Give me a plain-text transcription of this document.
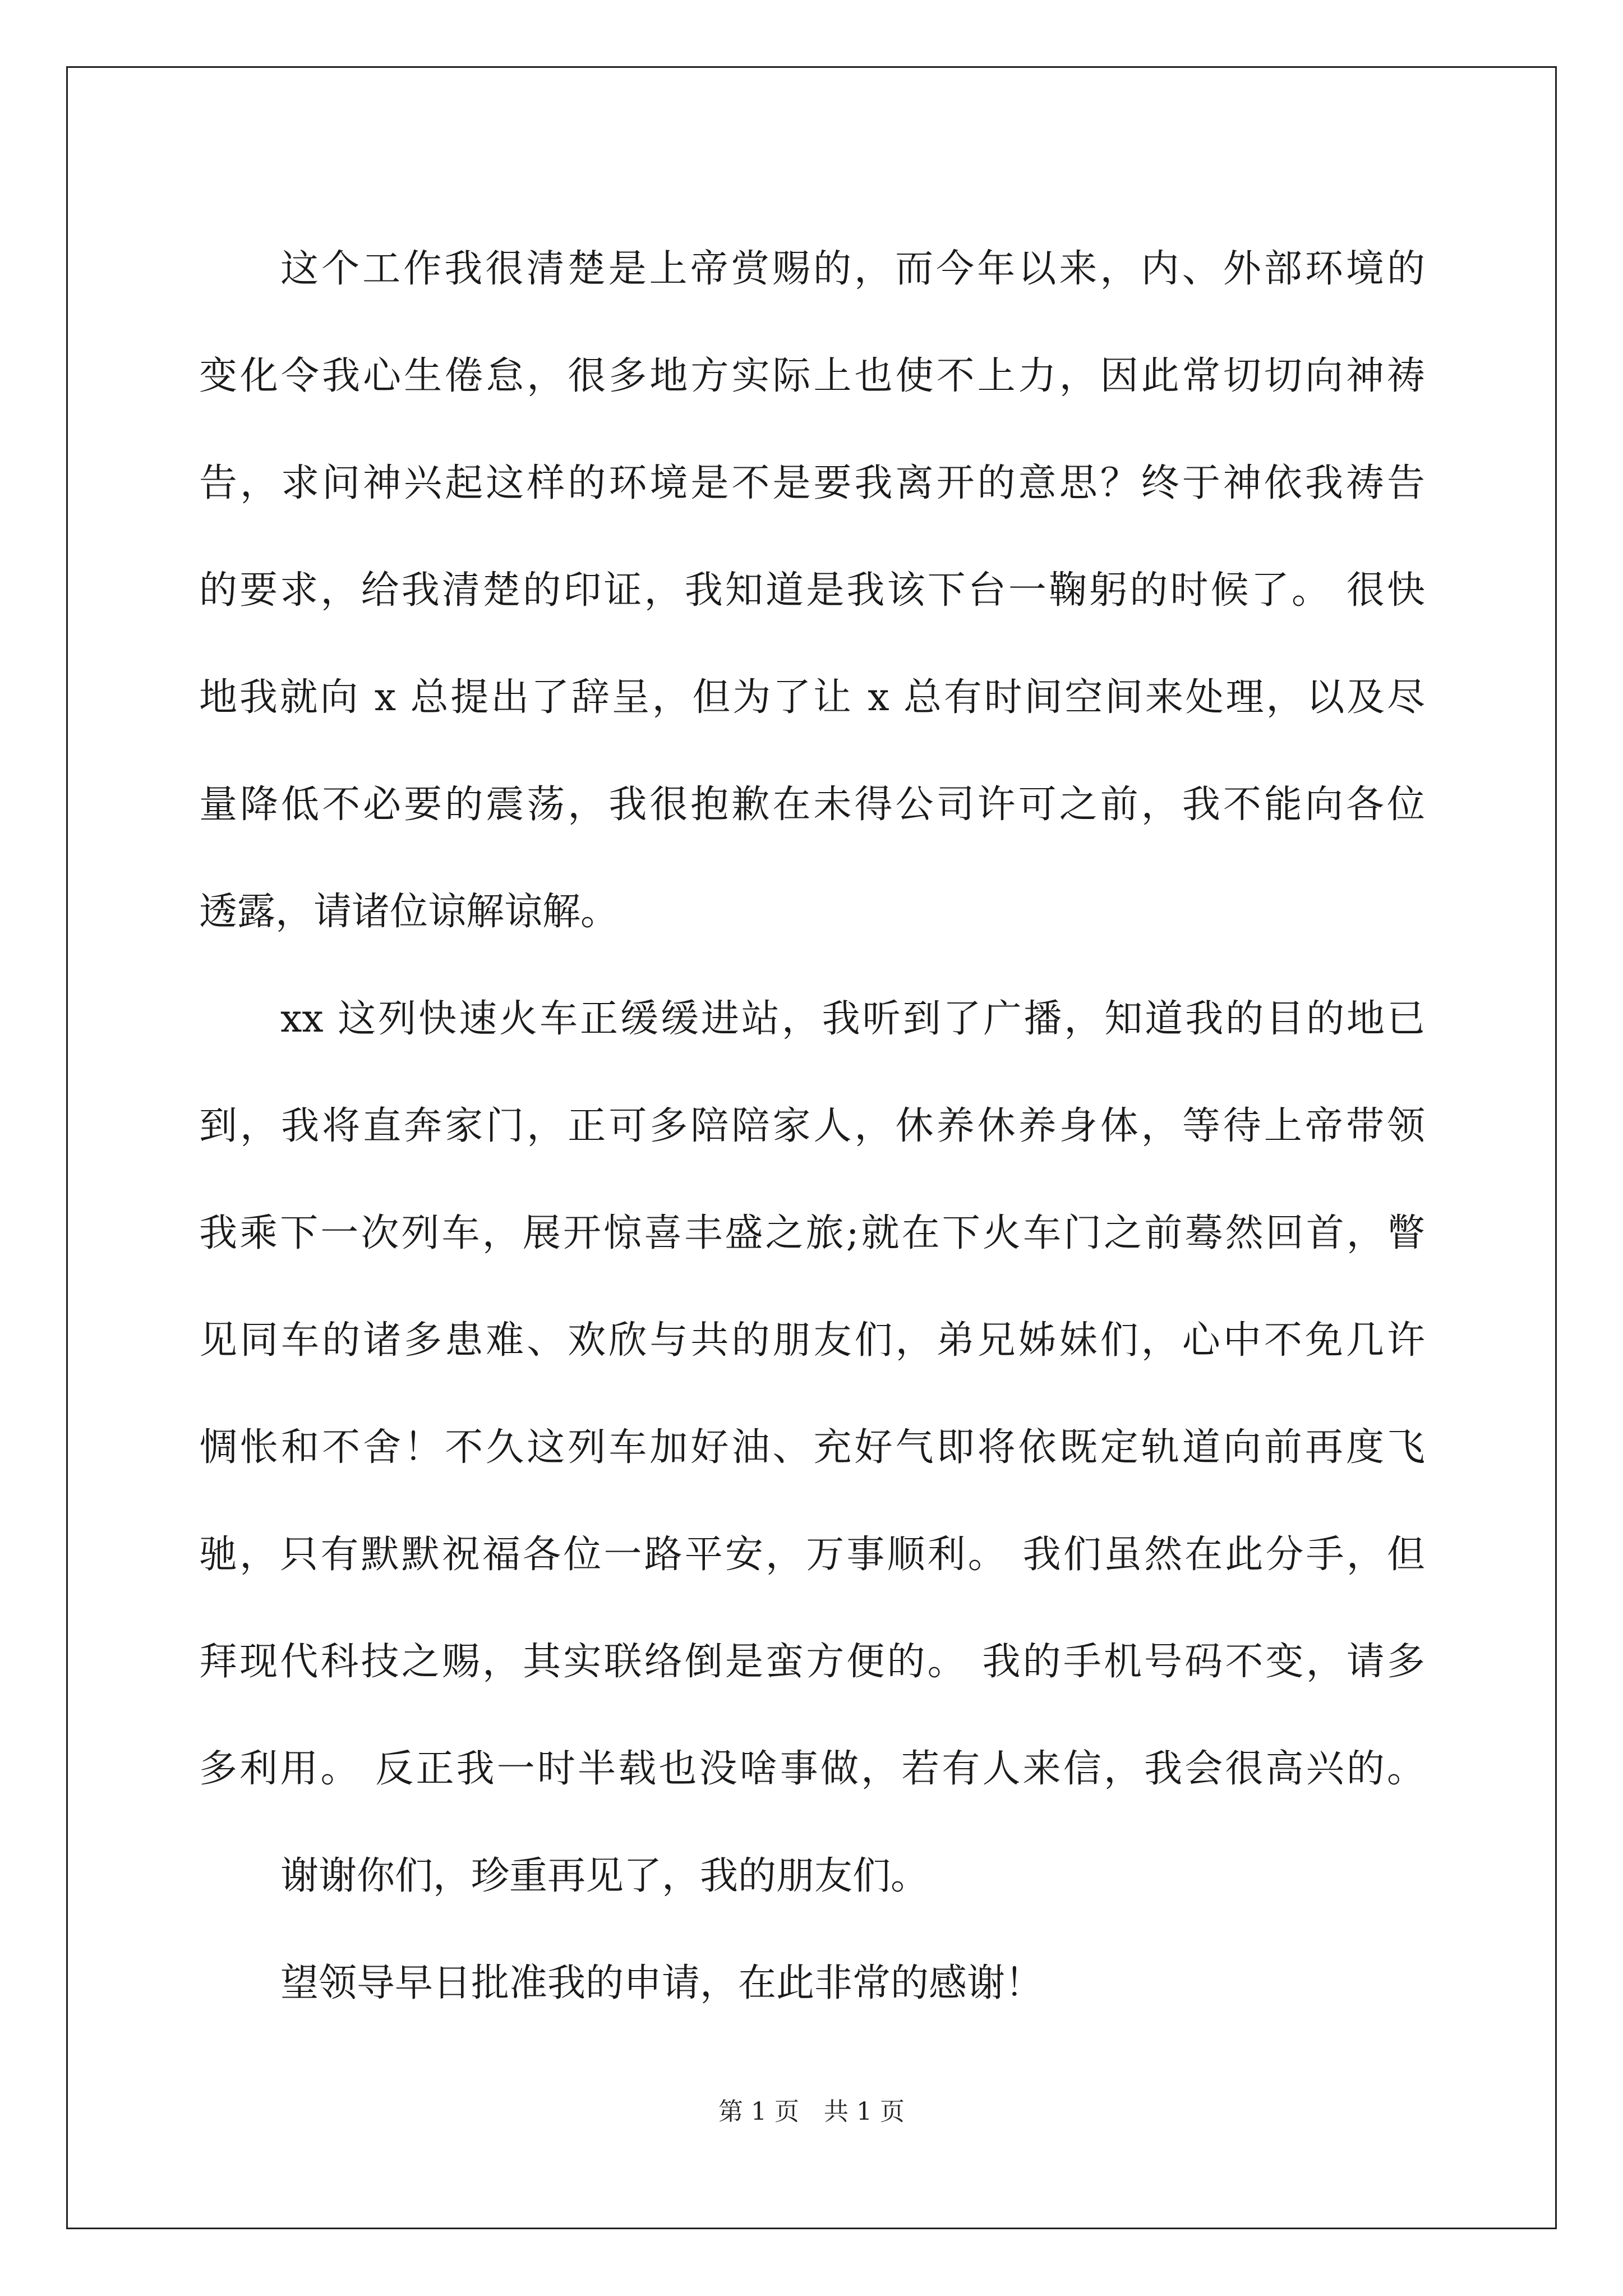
这个工作我很清楚是上帝赏赐的，而今年以来，内、外部环境的
变化令我心生倦怠，很多地方实际上也使不上力，因此常切切向神祷
告，求问神兴起这样的环境是不是要我离开的意思？终于神依我祷告
的要求，给我清楚的印证，我知道是我该下台一鞠躬的时候了。 很快
地我就向 x 总提出了辞呈，但为了让 x 总有时间空间来处理，以及尽
量降低不必要的震荡，我很抱歉在未得公司许可之前，我不能向各位
透露，请诸位谅解谅解。
xx 这列快速火车正缓缓进站，我听到了广播，知道我的目的地已
到，我将直奔家门，正可多陪陪家人，休养休养身体，等待上帝带领
我乘下一次列车，展开惊喜丰盛之旅;就在下火车门之前蓦然回首，瞥
见同车的诸多患难、欢欣与共的朋友们，弟兄姊妹们，心中不免几许
惆怅和不舍！不久这列车加好油、充好气即将依既定轨道向前再度飞
驰，只有默默祝福各位一路平安，万事顺利。 我们虽然在此分手，但
拜现代科技之赐，其实联络倒是蛮方便的。 我的手机号码不变，请多
多利用。 反正我一时半载也没啥事做，若有人来信，我会很高兴的。
谢谢你们，珍重再见了，我的朋友们。
望领导早日批准我的申请，在此非常的感谢！
第 1 页　共 1 页
